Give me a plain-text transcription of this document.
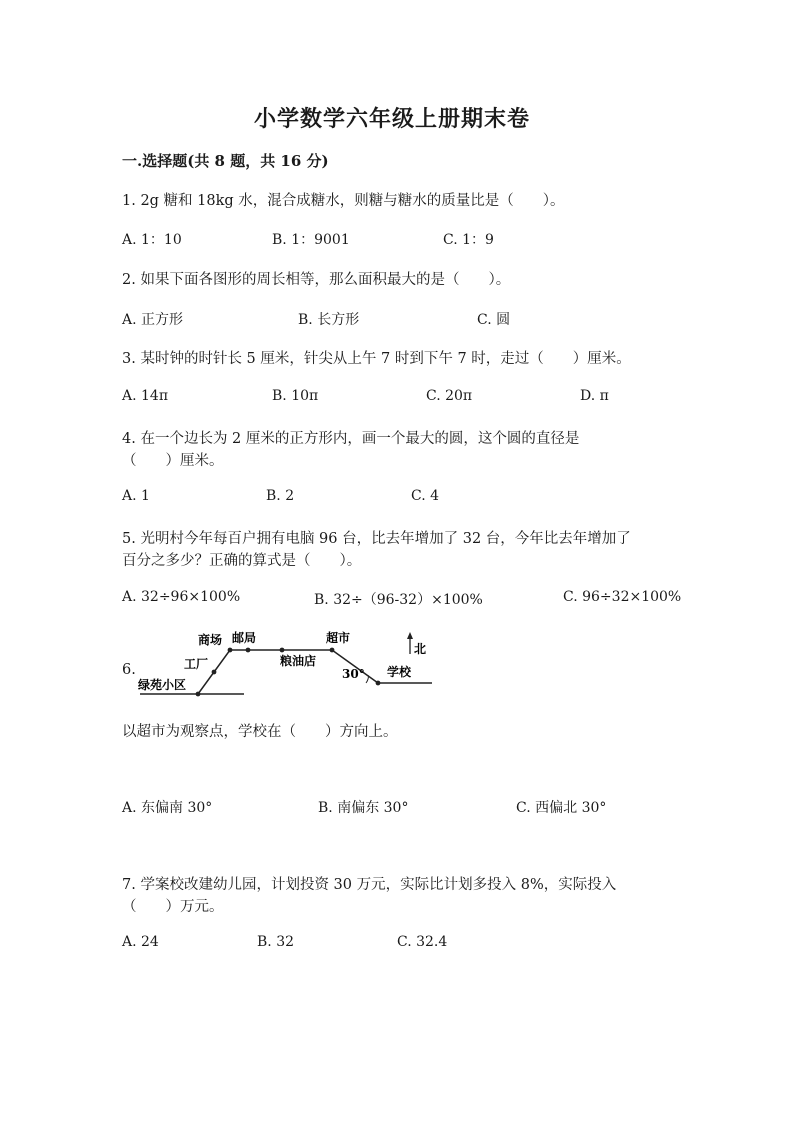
小学数学六年级上册期末卷
一.选择题(共 8 题，共 16 分)
1. 2g 糖和 18kg 水，混合成糖水，则糖与糖水的质量比是（　　）。
A. 1：10	B. 1：9001	C. 1：9
2. 如果下面各图形的周长相等，那么面积最大的是（　　）。
A. 正方形	B. 长方形	C. 圆
3. 某时钟的时针长 5 厘米，针尖从上午 7 时到下午 7 时，走过（　　）厘米。
A. 14π	B. 10π	C. 20π	D. π
4. 在一个边长为 2 厘米的正方形内，画一个最大的圆，这个圆的直径是
（　　）厘米。
A. 1	B. 2	C. 4
5. 光明村今年每百户拥有电脑 96 台，比去年增加了 32 台，今年比去年增加了
百分之多少？正确的算式是（　　）。
A. 32÷96×100%	B. 32÷（96-32）×100%	C. 96÷32×100%
6.
商场 邮局	超市
工厂	粮油店
学校
绿苑小区
北
30°
以超市为观察点，学校在（　　）方向上。
A. 东偏南 30°	B. 南偏东 30°	C. 西偏北 30°
7. 学案校改建幼儿园，计划投资 30 万元，实际比计划多投入 8%，实际投入
（　　）万元。
A. 24	B. 32	C. 32.4
